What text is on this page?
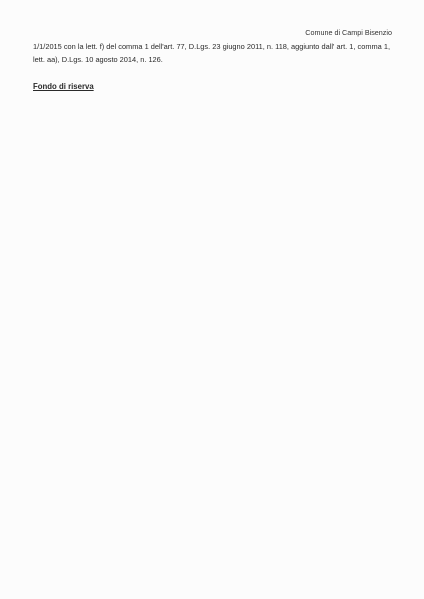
Comune di Campi Bisenzio

1/1/2015 con la lett. f) del comma 1 dell'art. 77, D.Lgs. 23 giugno 2011, n. 118, aggiunto dall' art. 1, comma 1, lett. aa), D.Lgs. 10 agosto 2014, n. 126.

Fondo di riserva
